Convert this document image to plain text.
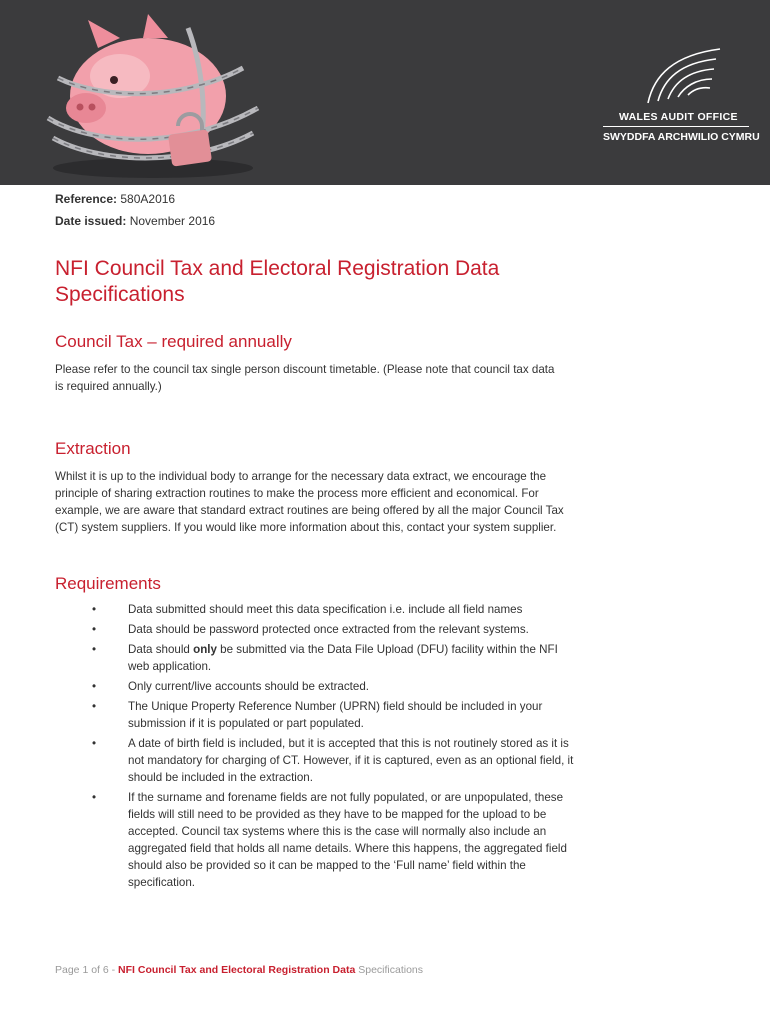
WALES AUDIT OFFICE
SWYDDFA ARCHWILIO CYMRU
Reference: 580A2016
Date issued: November 2016
NFI Council Tax and Electoral Registration Data Specifications
Council Tax – required annually

Please refer to the council tax single person discount timetable. (Please note that council tax data is required annually.)

Extraction

Whilst it is up to the individual body to arrange for the necessary data extract, we encourage the principle of sharing extraction routines to make the process more efficient and economical. For example, we are aware that standard extract routines are being offered by all the major Council Tax (CT) system suppliers. If you would like more information about this, contact your system supplier.

Requirements
•	Data submitted should meet this data specification i.e. include all field names
•	Data should be password protected once extracted from the relevant systems.
•	Data should only be submitted via the Data File Upload (DFU) facility within the NFI web application.
•	Only current/live accounts should be extracted.
•	The Unique Property Reference Number (UPRN) field should be included in your submission if it is populated or part populated.
•	A date of birth field is included, but it is accepted that this is not routinely stored as it is not mandatory for charging of CT. However, if it is captured, even as an optional field, it should be included in the extraction.
•	If the surname and forename fields are not fully populated, or are unpopulated, these fields will still need to be provided as they have to be mapped for the upload to be accepted. Council tax systems where this is the case will normally also include an aggregated field that holds all name details. Where this happens, the aggregated field should also be provided so it can be mapped to the ‘Full name’ field within the specification.
Page 1 of 6 - NFI Council Tax and Electoral Registration Data Specifications
